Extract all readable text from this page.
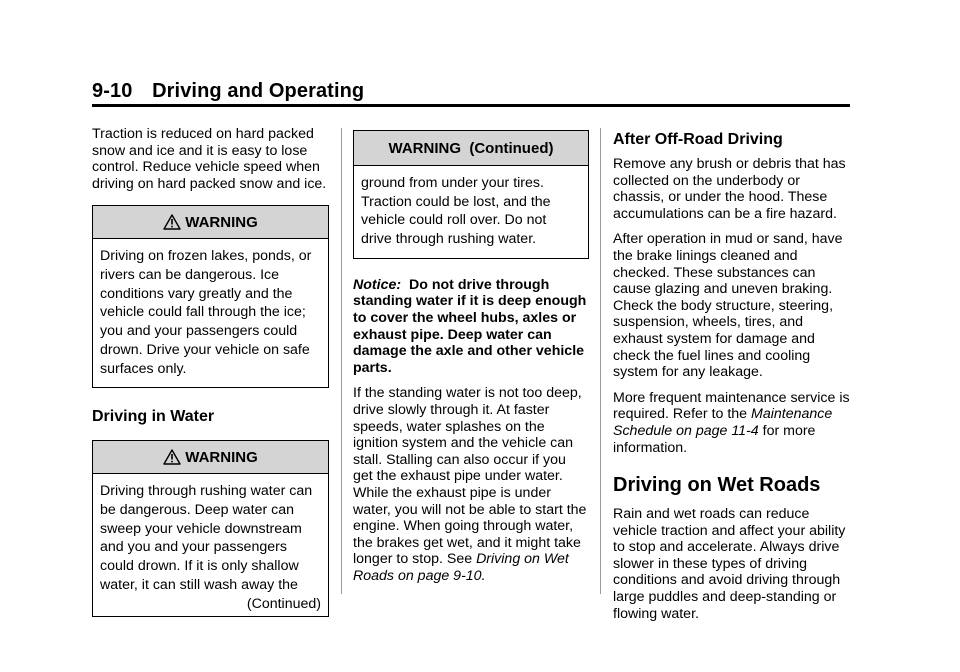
9-10 Driving and Operating

Traction is reduced on hard packed snow and ice and it is easy to lose control. Reduce vehicle speed when driving on hard packed snow and ice.

WARNING

Driving on frozen lakes, ponds, or rivers can be dangerous. Ice conditions vary greatly and the vehicle could fall through the ice; you and your passengers could drown. Drive your vehicle on safe surfaces only.

Driving in Water
WARNING

Driving through rushing water can be dangerous. Deep water can sweep your vehicle downstream and you and your passengers could drown. If it is only shallow water, it can still wash away the

(Continued)
WARNING  (Continued)

ground from under your tires. Traction could be lost, and the vehicle could roll over. Do not drive through rushing water.

Notice: Do not drive through standing water if it is deep enough to cover the wheel hubs, axles or exhaust pipe. Deep water can damage the axle and other vehicle parts.

If the standing water is not too deep, drive slowly through it. At faster speeds, water splashes on the ignition system and the vehicle can stall. Stalling can also occur if you get the exhaust pipe under water. While the exhaust pipe is under water, you will not be able to start the engine. When going through water, the brakes get wet, and it might take longer to stop. See Driving on Wet Roads on page 9-10.

After Off-Road Driving

Remove any brush or debris that has collected on the underbody or chassis, or under the hood. These accumulations can be a fire hazard.

After operation in mud or sand, have the brake linings cleaned and checked. These substances can cause glazing and uneven braking. Check the body structure, steering, suspension, wheels, tires, and exhaust system for damage and check the fuel lines and cooling system for any leakage.

More frequent maintenance service is required. Refer to the Maintenance Schedule on page 11-4 for more information.

Driving on Wet Roads

Rain and wet roads can reduce vehicle traction and affect your ability to stop and accelerate. Always drive slower in these types of driving conditions and avoid driving through large puddles and deep-standing or flowing water.
